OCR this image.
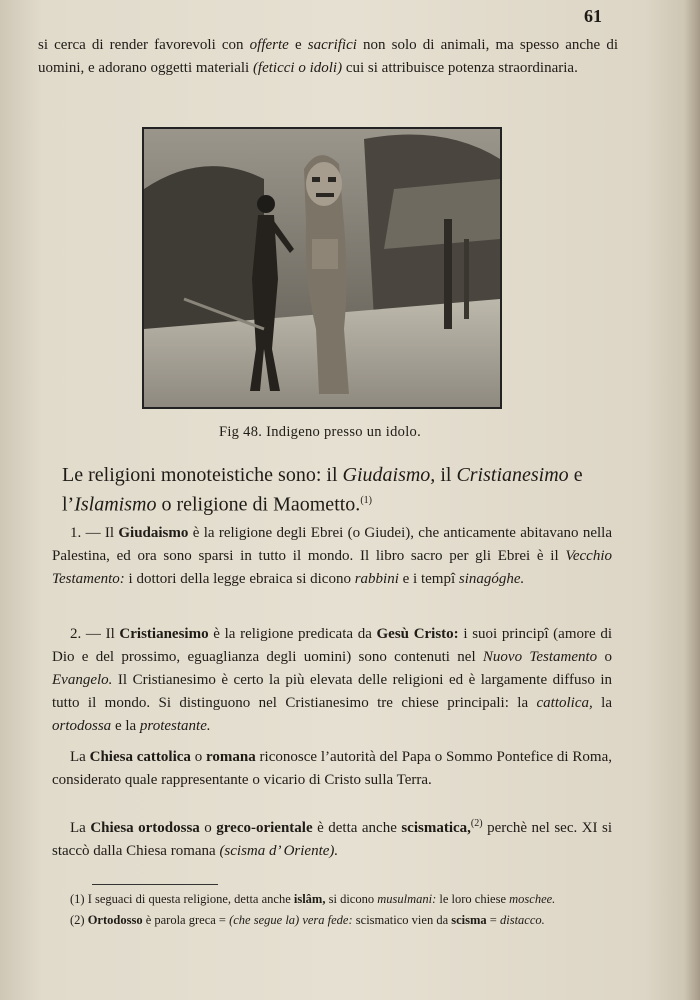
61

si cerca di render favorevoli con offerte e sacrifici non solo di animali, ma spesso anche di uomini, e adorano oggetti materiali (feticci o idoli) cui si attribuisce potenza straordinaria.

Fig 48. Indigeno presso un idolo.
Le religioni monoteistiche sono: il Giudaismo, il Cristianesimo e l’Islamismo o religione di Maometto.$^{(1)}$

1. — Il Giudaismo è la religione degli Ebrei (o Giudei), che anticamente abitavano nella Palestina, ed ora sono sparsi in tutto il mondo. Il libro sacro per gli Ebrei è il Vecchio Testamento: i dottori della legge ebraica si dicono rabbini e i tempî sinagóghe.

2. — Il Cristianesimo è la religione predicata da Gesù Cristo: i suoi principî (amore di Dio e del prossimo, eguaglianza degli uomini) sono contenuti nel Nuovo Testamento o Evangelo. Il Cristianesimo è certo la più elevata delle religioni ed è largamente diffuso in tutto il mondo. Si distinguono nel Cristianesimo tre chiese principali: la cattolica, la ortodossa e la protestante.

La Chiesa cattolica o romana riconosce l’autorità del Papa o Sommo Pontefice di Roma, considerato quale rappresentante o vicario di Cristo sulla Terra.

La Chiesa ortodossa o greco-orientale è detta anche scismatica,$^{(2)}$ perchè nel sec. XI si staccò dalla Chiesa romana (scisma d’ Oriente).

(1) I seguaci di questa religione, detta anche islâm, si dicono musulmani: le loro chiese moschee.

(2) Ortodosso è parola greca = (che segue la) vera fede: scismatico vien da scisma = distacco.
